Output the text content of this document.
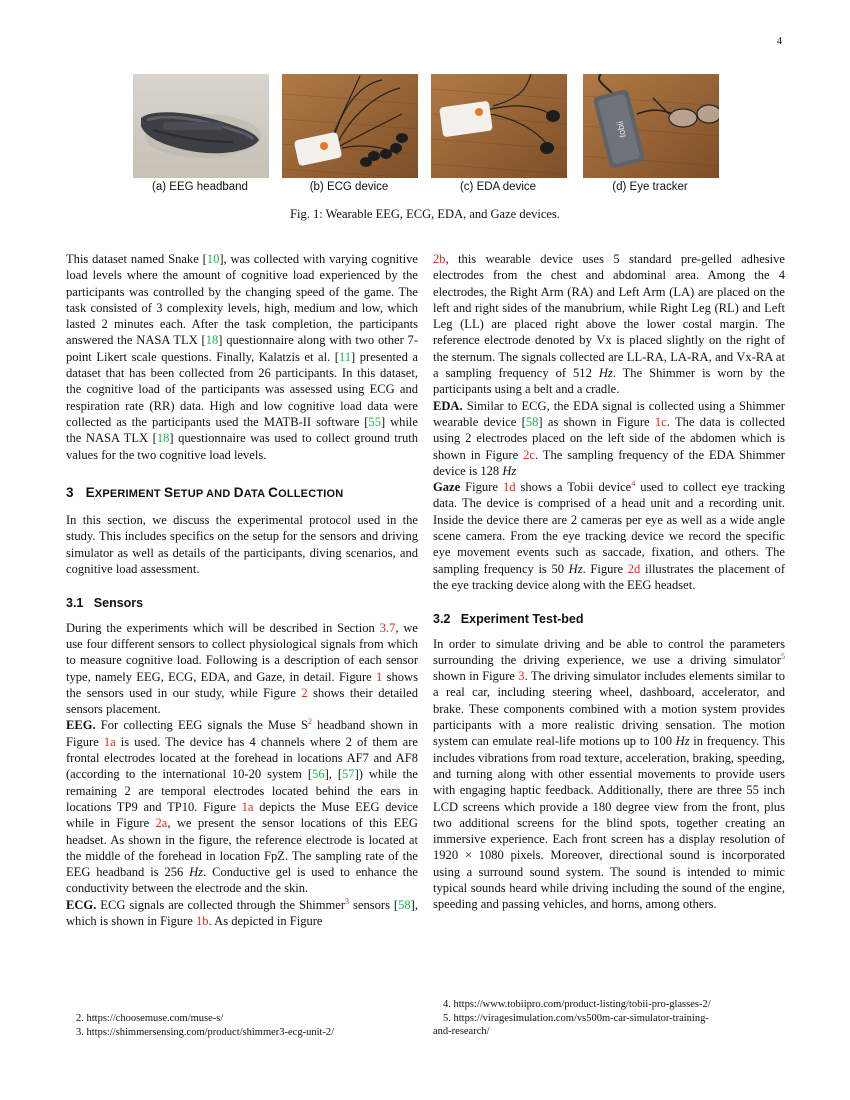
4
tobii
(a) EEG headband	(b) ECG device	(c) EDA device	(d) Eye tracker
Fig. 1: Wearable EEG, ECG, EDA, and Gaze devices.

This dataset named Snake [10], was collected with varying cognitive load levels where the amount of cognitive load experienced by the participants was controlled by the changing speed of the game. The task consisted of 3 complexity levels, high, medium and low, which lasted 2 minutes each. After the task completion, the participants answered the NASA TLX [18] questionnaire along with two other 7-point Likert scale questions. Finally, Kalatzis et al. [11] presented a dataset that has been collected from 26 participants. In this dataset, the cognitive load of the participants was assessed using ECG and respiration rate (RR) data. High and low cognitive load data were collected as the participants used the MATB-II software [55] while the NASA TLX [18] questionnaire was used to collect ground truth values for the two cognitive load levels.

3 EXPERIMENT SETUP AND DATA COLLECTION

In this section, we discuss the experimental protocol used in the study. This includes specifics on the setup for the sensors and driving simulator as well as details of the participants, diving scenarios, and cognitive load assessment.

3.1   Sensors

During the experiments which will be described in Section 3.7, we use four different sensors to collect physiological signals from which to measure cognitive load. Following is a description of each sensor type, namely EEG, ECG, EDA, and Gaze, in detail. Figure 1 shows the sensors used in our study, while Figure 2 shows their detailed sensors placement.

EEG. For collecting EEG signals the Muse S$^2$ headband shown in Figure 1a is used. The device has 4 channels where 2 of them are frontal electrodes located at the forehead in locations AF7 and AF8 (according to the international 10-20 system [56], [57]) while the remaining 2 are temporal electrodes located behind the ears in locations TP9 and TP10. Figure 1a depicts the Muse EEG device while in Figure 2a, we present the sensor locations of this EEG headset. As shown in the figure, the reference electrode is located at the middle of the forehead in location FpZ. The sampling rate of the EEG headband is 256 Hz. Conductive gel is used to enhance the conductivity between the electrode and the skin.

ECG. ECG signals are collected through the Shimmer$^3$ sensors [58], which is shown in Figure 1b. As depicted in Figure

2. https://choosemuse.com/muse-s/
3. https://shimmersensing.com/product/shimmer3-ecg-unit-2/

2b, this wearable device uses 5 standard pre-gelled adhesive electrodes from the chest and abdominal area. Among the 4 electrodes, the Right Arm (RA) and Left Arm (LA) are placed on the left and right sides of the manubrium, while Right Leg (RL) and Left Leg (LL) are placed right above the lower costal margin. The reference electrode denoted by Vx is placed slightly on the right of the sternum. The signals collected are LL-RA, LA-RA, and Vx-RA at a sampling frequency of 512 Hz. The Shimmer is worn by the participants using a belt and a cradle.

EDA. Similar to ECG, the EDA signal is collected using a Shimmer wearable device [58] as shown in Figure 1c. The data is collected using 2 electrodes placed on the left side of the abdomen which is shown in Figure 2c. The sampling frequency of the EDA Shimmer device is 128 Hz

Gaze Figure 1d shows a Tobii device$^4$ used to collect eye tracking data. The device is comprised of a head unit and a recording unit. Inside the device there are 2 cameras per eye as well as a wide angle scene camera. From the eye tracking device we record the specific eye movement events such as saccade, fixation, and others. The sampling frequency is 50 Hz. Figure 2d illustrates the placement of the eye tracking device along with the EEG headset.

3.2   Experiment Test-bed

In order to simulate driving and be able to control the parameters surrounding the driving experience, we use a driving simulator$^5$ shown in Figure 3. The driving simulator includes elements similar to a real car, including steering wheel, dashboard, accelerator, and brake. These components combined with a motion system provides participants with a more realistic driving sensation. The motion system can emulate real-life motions up to 100 Hz in frequency. This includes vibrations from road texture, acceleration, braking, speeding, and turning along with other essential movements to provide users with engaging haptic feedback. Additionally, there are three 55 inch LCD screens which provide a 180 degree view from the front, plus two additional screens for the blind spots, together creating an immersive experience. Each front screen has a display resolution of 1920 × 1080 pixels. Moreover, directional sound is incorporated using a surround sound system. The sound is intended to mimic typical sounds heard while driving including the sound of the engine, speeding and passing vehicles, and horns, among others.

4. https://www.tobiipro.com/product-listing/tobii-pro-glasses-2/
5. https://viragesimulation.com/vs500m-car-simulator-training-
and-research/
